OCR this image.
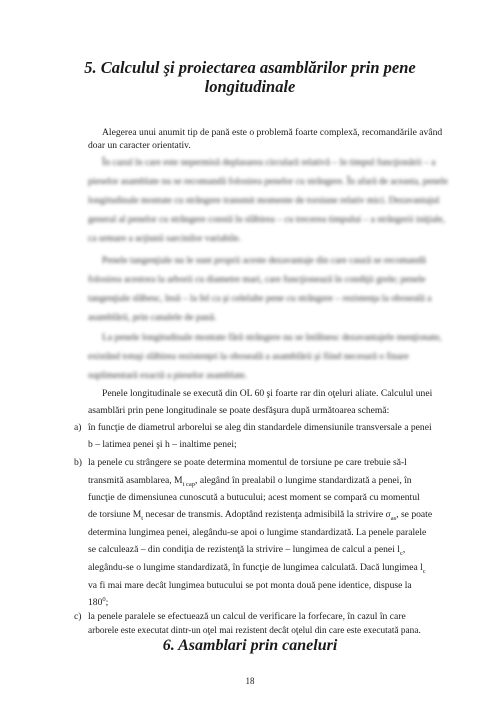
5. Calculul şi proiectarea asamblărilor prin pene
longitudinale
Alegerea unui anumit tip de pană este o problemă foarte complexă, recomandările având
doar un caracter orientativ.
În cazul în care este nepermisă deplasarea circulară relativă – în timpul funcţionării – a
pieselor asamblate nu se recomandă folosirea penelor cu strângere. În afară de aceasta, penele
longitudinale montate cu strângere transmit momente de torsiune relativ mici. Dezavantajul
general al penelor cu strângere constă în slăbirea – cu trecerea timpului – a strângerii iniţiale,
ca urmare a acţiunii sarcinilor variabile.
Penele tangenţiale nu le sunt proprii aceste dezavantaje din care cauză se recomandă
folosirea acestora la arborii cu diametre mari, care funcţionează în condiţii grele; penele
tangenţiale slăbesc, însă – la fel ca şi celelalte pene cu strângere – rezistenţa la oboseală a
asamblării, prin canalele de pană.
La penele longitudinale montate fără strângere nu se întâlnesc dezavantajele menţionate,
existând totuşi slăbirea rezistenţei la oboseală a asamblării şi fiind necesară o finare
suplimentară exactă a pieselor asamblate.
Penele longitudinale se execută din OL 60 şi foarte rar din oţeluri aliate. Calculul unei
asamblări prin pene longitudinale se poate desfăşura după următoarea schemă:
a) în funcţie de diametrul arborelui se aleg din standardele dimensiunile transversale a penei
b – latimea penei şi h – inaltime penei;
b) la penele cu strângere se poate determina momentul de torsiune pe care trebuie să-l
transmită asamblarea, $M_{t cap}$, alegând în prealabil o lungime standardizată a penei, în
funcţie de dimensiunea cunoscută a butucului; acest moment se compară cu momentul
de torsiune $M_t$ necesar de transmis. Adoptând rezistenţa admisibilă la strivire $\sigma_{as}$, se poate
determina lungimea penei, alegându-se apoi o lungime standardizată. La penele paralele
se calculează – din condiţia de rezistenţă la strivire – lungimea de calcul a penei $l_c$,
alegându-se o lungime standardizată, în funcţie de lungimea calculată. Dacă lungimea $l_c$
va fi mai mare decât lungimea butucului se pot monta două pene identice, dispuse la
$180^0$;
c) la penele paralele se efectuează un calcul de verificare la forfecare, în cazul în care
arborele este executat dintr-un oţel mai rezistent decât oţelul din care este executată pana.
6. Asamblari prin caneluri
18
